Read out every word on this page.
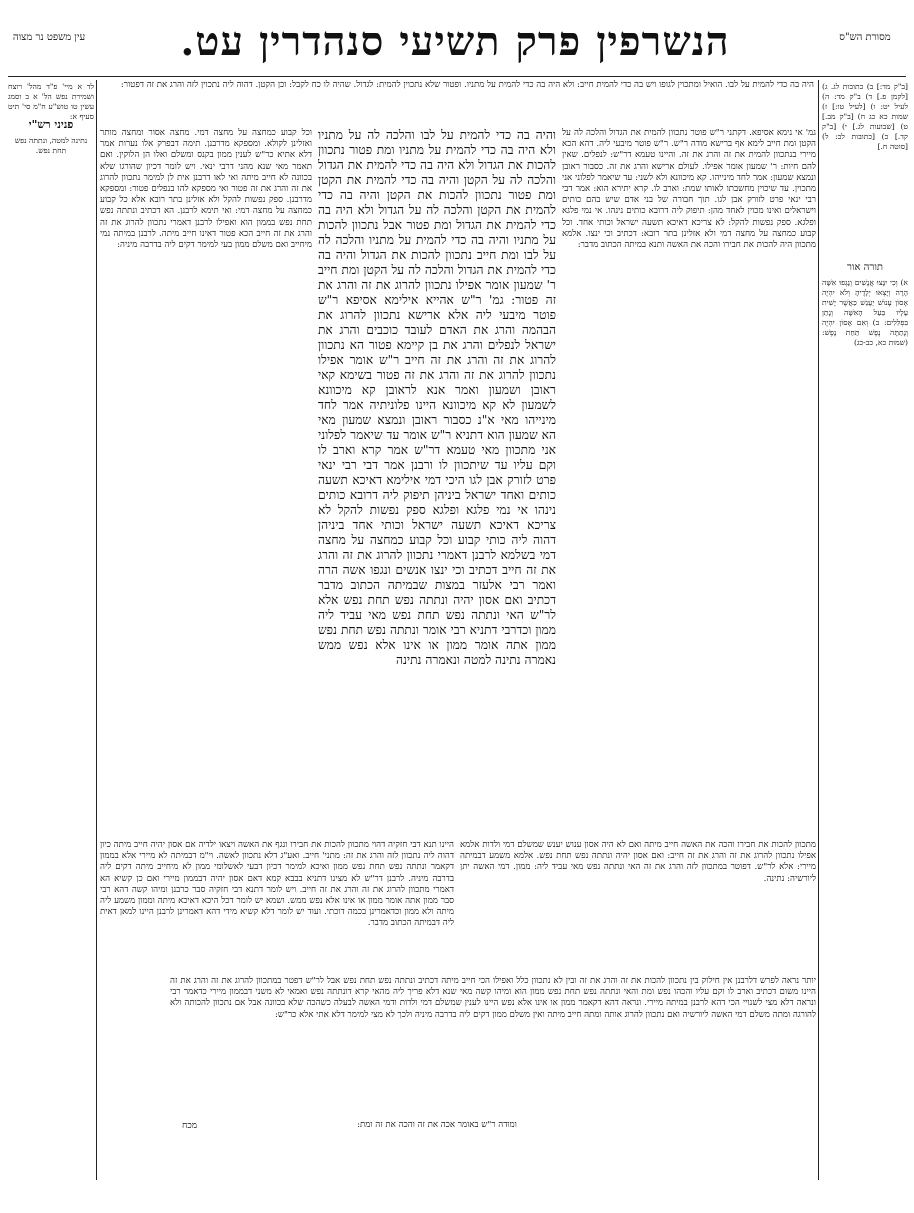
עין משפט נר מצוה	הנשרפין פרק תשיעי סנהדרין עט.	מסורת הש"ס
לד א מיי' פ"ד מהל' רוצח ושמירת נפש הל' א ב וסמג עשין טו טוש"ע ח"מ סי' תיט סעיף א:
פניני רש"י
נתינה למטה, ונתתה נפש תחת נפש.
[ב"ק מד:] ב) כתובות לג. ג) [לקמן פ.] ד) ב"ק מד: ה) לעיל יט: ו) [לעיל טו:] ז) שמות כא כג ח) [ב"ק מב.] ט) [שבועות לג.] י) [ב"ק קד.] כ) [כתובות לב: ל) [סוטה ח.]
תורה אור
א) וְכִי יִנָּצוּ אֲנָשִׁים וְנָגְפוּ אִשָּׁה הָרָה וְיָצְאוּ יְלָדֶיהָ וְלֹא יִהְיֶה אָסוֹן עָנוֹשׁ יֵעָנֵשׁ כַּאֲשֶׁר יָשִׁית עָלָיו בַּעַל הָאִשָּׁה וְנָתַן בִּפְלִלִים: ב) וְאִם אָסוֹן יִהְיֶה וְנָתַתָּה נֶפֶשׁ תַּחַת נָפֶשׁ: (שמות כא, כב-כג)
היה בה כדי להמית על לבו. הואיל ומתכוין לגופו ויש בה כדי להמית חייב: ולא היה בה כדי להמית על מתניו. ופטור שלא נתכוין להמית: לגדול. שהיה לו כח לקבל: וכן הקטן. דהוה ליה נתכוין לזה והרג את זה דפטור:
גמ' אי נימא אסיפא. דקתני ר"ש פוטר נתכוון להמית את הגדול והלכה לה על הקטן ומת חייב לימא אף ברישא מודה ר"ש. ר"ש פוטר מיבעי ליה. דהא הכא מיירי בנתכוון להמית את זה והרג את זה. והיינו טעמא דר"ש: לנפלים. שאין להם חיות: ר' שמעון אומר אפילו. לעולם ארישא והרג את זה. כסבור ראובן ונמצא שמעון: אמר לחד מינייהו. קא מיכוונא ולא לשני: עד שיאמר לפלוני אני מתכוין. עד שיכוין מחשבתו לאותו שמת: וארב לו. קרא יתירא הוא: אמר דבי רבי ינאי פרט לזורק אבן לגו. תוך חבורה של בני אדם שיש בהם כותים וישראלים ואינו מכוין לאחד מהן: תיפוק ליה דרובא כותים נינהו. אי נמי פלגא ופלגא. ספק נפשות להקל: לא צריכא דאיכא תשעה ישראל וכותי אחד. וכל קבוע כמחצה על מחצה דמי ולא אזלינן בתר רובא: דכתיב וכי ינצו. אלמא מתכוון היה להכות את חבירו והכה את האשה ותנא במיתה הכתוב מדבר:
וכל קבוע כמחצה על מחצה דמי. מחצה אסור ומחצה מותר ואזלינן לקולא. ומספקא מדרבנן. תימה דבפרק אלו נערות אמר דלא אתיא כר"ש לענין ממון בקנס ומשלם ואלו הן הלוקין. ואם תאמר מאי שנא מהני דרבי ינאי. ויש לומר דכיון שהורגו שלא בכוונה לא חייב מיתה ואי לאו דרבנן אית לן למימר נתכוון להרוג את זה והרג את זה פטור ואי מספקא להו בנפלים פטור: ומספקא מדרבנן. ספק נפשות להקל ולא אזלינן בתר רובא אלא כל קבוע כמחצה על מחצה דמי: ואי תימא לרבנן. הא דכתיב ונתתה נפש תחת נפש בממון הוא ואפילו לרבנן דאמרי נתכוון להרוג את זה והרג את זה חייב הכא פטור דאינו חייב מיתה. לרבנן במיתה נמי מיחייב ואם משלם ממון בעי למימר דקים ליה בדרבה מיניה:
והיה בה כדי להמית על לבו והלכה לה על מתניו ולא היה בה כדי להמית על מתניו ומת פטור נתכוון להכות את הגדול ולא היה בה כדי להמית את הגדול והלכה לה על הקטן והיה בה כדי להמית את הקטן ומת פטור נתכוון להכות את הקטן והיה בה כדי להמית את הקטן והלכה לה על הגדול ולא היה בה כדי להמית את הגדול ומת פטור אבל נתכוון להכות על מתניו והיה בה כדי להמית על מתניו והלכה לה על לבו ומת חייב נתכוון להכות את הגדול והיה בה כדי להמית את הגדול והלכה לה על הקטן ומת חייב ר' שמעון אומר אפילו נתכוון להרוג את זה והרג את זה פטור: גמ' ר"ש אהייא אילימא אסיפא ר"ש פוטר מיבעי ליה אלא ארישא נתכוון להרוג את הבהמה והרג את האדם לעובד כוכבים והרג את ישראל לנפלים והרג את בן קיימא פטור הא נתכוון להרוג את זה והרג את זה חייב ר"ש אומר אפילו נתכוון להרוג את זה והרג את זה פטור בשימא קאי ראובן ושמעון ואמר אנא לראובן קא מיכוונא לשמעון לא קא מיכוונא היינו פלוניתיה אמר לחד מינייהו מאי א"נ כסבור ראובן ונמצא שמעון מאי הא שמעון הוא דתניא ר"ש אומר עד שיאמר לפלוני אני מתכוון מאי טעמא דר"ש אמר קרא וארב לו וקם עליו עד שיתכוון לו ורבנן אמר דבי רבי ינאי פרט לזורק אבן לגו היכי דמי אילימא דאיכא תשעה כותים ואחד ישראל ביניהן תיפוק ליה דרובא כותים נינהו אי נמי פלגא ופלגא ספק נפשות להקל לא צריכא דאיכא תשעה ישראל וכותי אחד ביניהן דהוה ליה כותי קבוע וכל קבוע כמחצה על מחצה דמי בשלמא לרבנן דאמרי נתכוון להרוג את זה והרג את זה חייב דכתיב וכי ינצו אנשים ונגפו אשה הרה ואמר רבי אלעזר במצות שבמיתה הכתוב מדבר דכתיב ואם אסון יהיה ונתתה נפש תחת נפש אלא לר"ש האי ונתתה נפש תחת נפש מאי עביד ליה ממון וכדרבי דתניא רבי אומר ונתתה נפש תחת נפש ממון אתה אומר ממון או אינו אלא נפש ממש נאמרה נתינה למטה ונאמרה נתינה
מתכוון להכות את חבירו והכה את האשה חייב מיתה ואם לא היה אסון ענוש יענש שמשלם דמי ולדות אלמא אפילו נתכוון להרוג את זה והרג את זה חייב: ואם אסון יהיה ונתתה נפש תחת נפש. אלמא משמע דבמיתה מיירי: אלא לר"ש. דפוטר במתכוון לזה והרג את זה האי ונתתה נפש מאי עביד ליה: ממון. דמי האשה יתן ליורשיה: נתינה.
היינו תנא דבי חזקיה דהוי מתכוון להכות את חבירו ונגף את האשה ויצאו ילדיה אם אסון יהיה חייב מיתה כיון דהוה ליה נתכוון לזה והרג את זה: מתני' חייב. ואע"ג דלא נתכוון לאשה. וי"מ דבמיתה לא מיירי אלא בממון דקאמר ונתתה נפש תחת נפש ממון ואיכא למימר דכיון דבעי לאשלומי ממון לא מיחייב מיתה דקים ליה בדרבה מיניה. לרבנן דר"ש לא מצינו דתניא בבבא קמא דאם אסון יהיה דבממון מיירי ואם כן קשיא הא דאמרי מתכוון להרוג את זה והרג את זה חייב. ויש לומר דתנא דבי חזקיה סבר כרבנן ומיהו קשה דהא רבי סבר ממון אתה אומר ממון או אינו אלא נפש ממש. ושמא יש לומר דכל היכא דאיכא מיתה וממון משמע ליה מיתה ולא ממון וכדאמרינן בכמה דוכתי. ועוד יש לומר דלא קשיא מידי דהא דאמרינן לרבנן היינו למאן דאית ליה דבמיתה הכתוב מדבר.
יותר נראה לפרש דלרבנן אין חילוק בין נתכוון להכות את זה והרג את זה ובין לא נתכוון כלל ואפילו הכי חייב מיתה דכתיב ונתתה נפש תחת נפש אבל לר"ש דפטר במתכוון להרוג את זה והרג את זה היינו משום דכתיב וארב לו וקם עליו והכהו נפש ומת והאי ונתתה נפש תחת נפש ממון הוא ומיהו קשה מאי שנא דלא פריך ליה מהאי קרא דונתתה נפש ואמאי לא משני דבממון מיירי כדאמר רבי ונראה דלא מצי לשנויי הכי דהא לרבנן במיתה מיירי. ונראה דהא דקאמר ממון או אינו אלא נפש היינו לענין שמשלם דמי ולדות ודמי האשה לבעלה כשהכה שלא בכוונה אבל אם נתכוון להכותה ולא להורגה ומתה משלם דמי האשה ליורשיה ואם נתכוון להרוג אותה ומתה חייב מיתה ואין משלם ממון דקים ליה בדרבה מיניה ולכך לא מצי למימר דלא אתי אלא כר"ש:
מכח	ומודה ר"ש באומר אכה את זה והכה את זה ומת:
